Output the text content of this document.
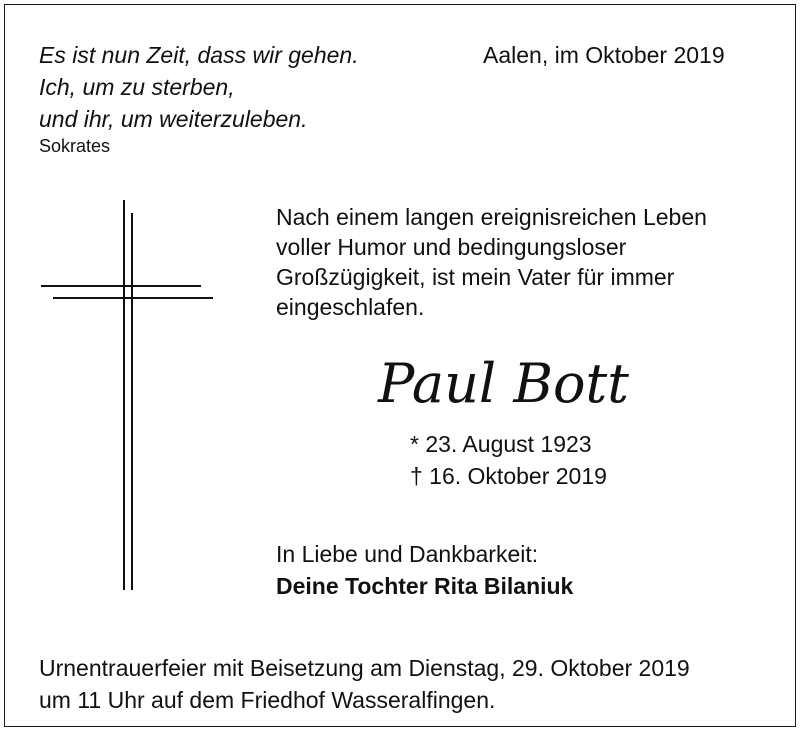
Es ist nun Zeit, dass wir gehen.
Ich, um zu sterben,
und ihr, um weiterzuleben.
Sokrates
Aalen, im Oktober 2019
Nach einem langen ereignisreichen Leben
voller Humor und bedingungsloser
Großzügigkeit, ist mein Vater für immer
eingeschlafen.
Paul Bott
* 23. August 1923
† 16. Oktober 2019
In Liebe und Dankbarkeit:
Deine Tochter Rita Bilaniuk
Urnentrauerfeier mit Beisetzung am Dienstag, 29. Oktober 2019
um 11 Uhr auf dem Friedhof Wasseralfingen.
